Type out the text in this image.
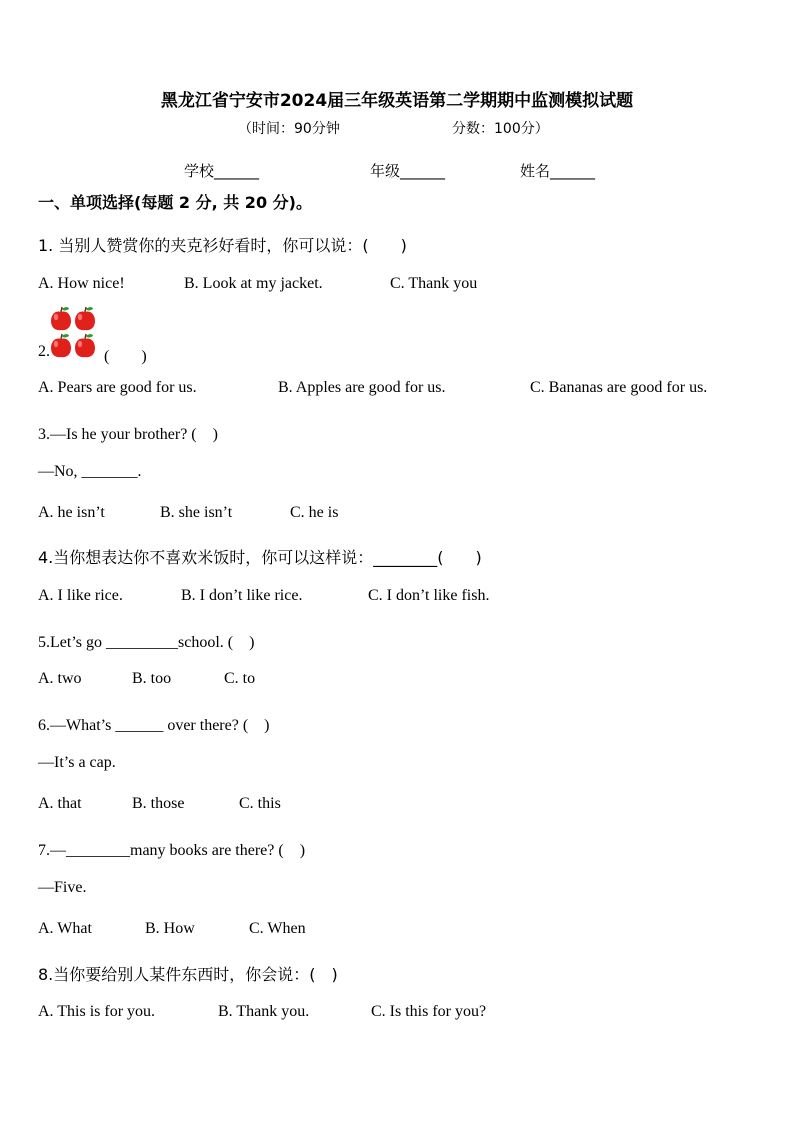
黑龙江省宁安市2024届三年级英语第二学期期中监测模拟试题
（时间：90分钟	分数：100分）
学校______	年级______	姓名______
一、单项选择(每题 2 分, 共 20 分)。
1. 当别人赞赏你的夹克衫好看时，你可以说：(　　)
A. How nice!	B. Look at my jacket.	C. Thank you
2.	(　　)
A. Pears are good for us.	B. Apples are good for us.	C. Bananas are good for us.
3.—Is he your brother? (　)
—No, _______.
A. he isn’t	B. she isn’t	C. he is
4.当你想表达你不喜欢米饭时，你可以这样说：________(　　)
A. I like rice.	B. I don’t like rice.	C. I don’t like fish.
5.Let’s go _________school. (　)
A. two	B. too	C. to
6.—What’s ______ over there? (　)
—It’s a cap.
A. that	B. those	C. this
7.—________many books are there? (　)
—Five.
A. What	B. How	C. When
8.当你要给别人某件东西时，你会说：(　)
A. This is for you.	B. Thank you.	C. Is this for you?
